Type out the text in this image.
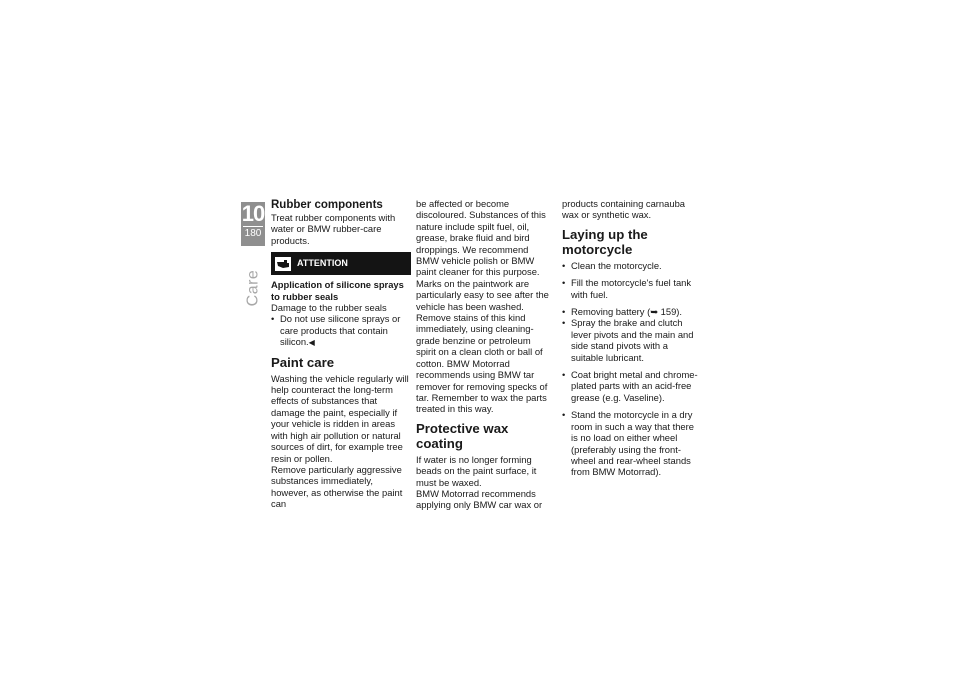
10
180
Care
Rubber components

Treat rubber components with water or BMW rubber-care products.

ATTENTION

Application of silicone sprays to rubber seals

Damage to the rubber seals

• Do not use silicone sprays or care products that contain silicon.◀

Paint care

Washing the vehicle regularly will help counteract the long-term effects of substances that damage the paint, especially if your vehicle is ridden in areas with high air pollution or natural sources of dirt, for example tree resin or pollen.

Remove particularly aggressive substances immediately, however, as otherwise the paint can

be affected or become discoloured. Substances of this nature include spilt fuel, oil, grease, brake fluid and bird droppings. We recommend BMW vehicle polish or BMW paint cleaner for this purpose.

Marks on the paintwork are particularly easy to see after the vehicle has been washed. Remove stains of this kind immediately, using cleaning-grade benzine or petroleum spirit on a clean cloth or ball of cotton. BMW Motorrad recommends using BMW tar remover for removing specks of tar. Remember to wax the parts treated in this way.

Protective wax coating

If water is no longer forming beads on the paint surface, it must be waxed.

BMW Motorrad recommends applying only BMW car wax or

products containing carnauba wax or synthetic wax.

Laying up the motorcycle

• Clean the motorcycle.

• Fill the motorcycle's fuel tank with fuel.

• Removing battery (➥ 159).

• Spray the brake and clutch lever pivots and the main and side stand pivots with a suitable lubricant.

• Coat bright metal and chrome-plated parts with an acid-free grease (e.g. Vaseline).

• Stand the motorcycle in a dry room in such a way that there is no load on either wheel (preferably using the front-wheel and rear-wheel stands from BMW Motorrad).
